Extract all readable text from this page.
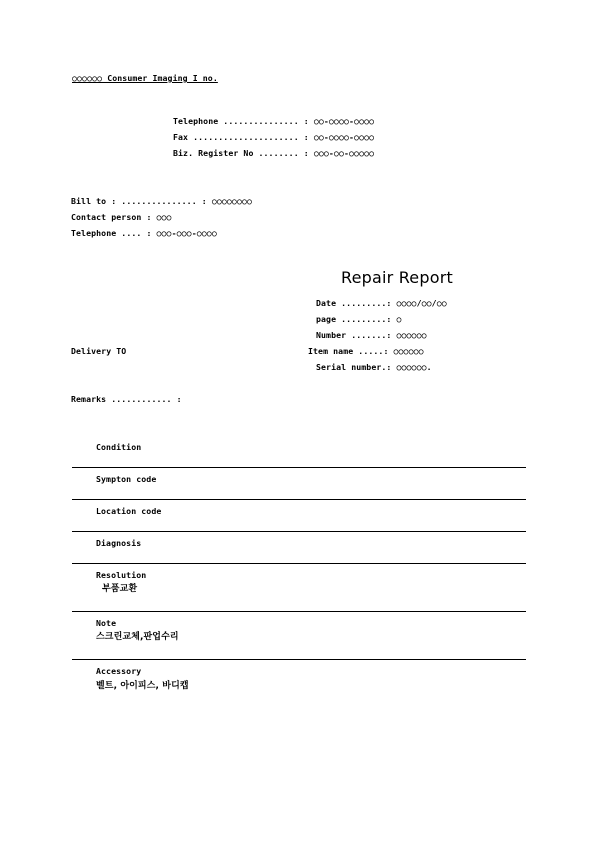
○○○○○○ Consumer Imaging I no.
Telephone ............... : ○○-○○○○-○○○○
Fax ..................... : ○○-○○○○-○○○○
Biz. Register No ........ : ○○○-○○-○○○○○
Bill to : ............... : ○○○○○○○○
Contact person : ○○○
Telephone .... : ○○○-○○○-○○○○
Repair Report
Date .........: ○○○○/○○/○○
page .........: ○
Number .......: ○○○○○○
Item name .....: ○○○○○○
Serial number.: ○○○○○○.
Delivery TO
Remarks ............ :
Condition
Sympton code
Location code
Diagnosis
Resolution
부품교환
Note
스크린교체,판업수리
Accessory
벨트, 아이피스, 바디캡
